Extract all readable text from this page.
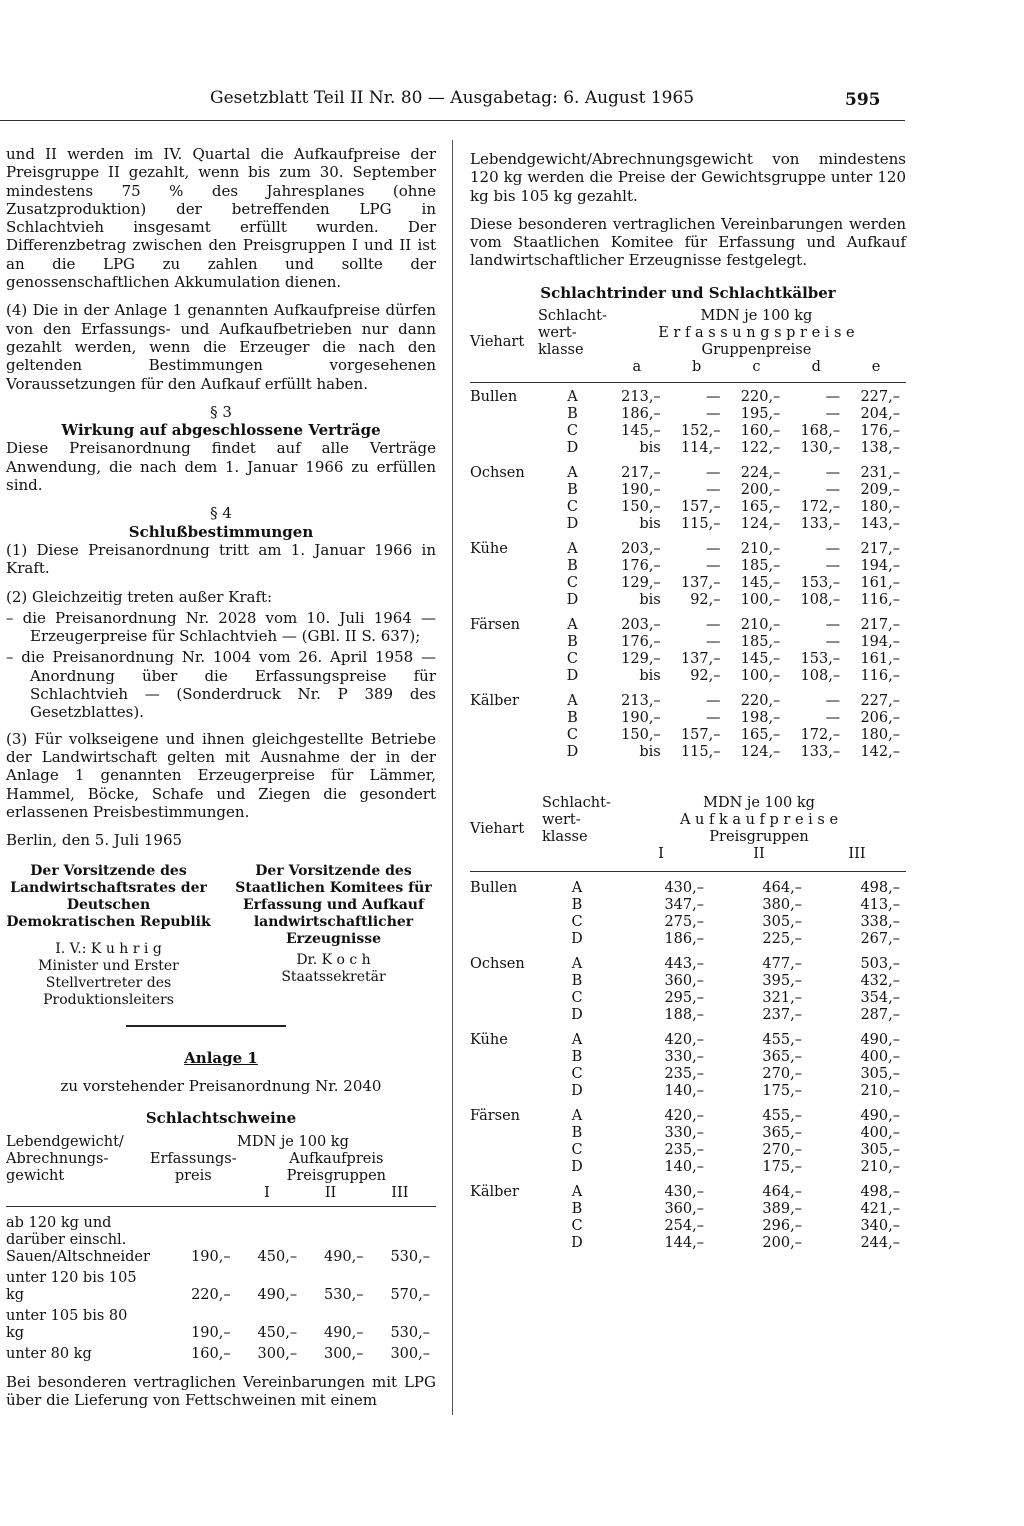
Gesetzblatt Teil II Nr. 80 — Ausgabetag: 6. August 1965	595

und II werden im IV. Quartal die Aufkaufpreise der Preisgruppe II gezahlt, wenn bis zum 30. September mindestens 75 % des Jahresplanes (ohne Zusatzproduktion) der betreffenden LPG in Schlachtvieh insgesamt erfüllt wurden. Der Differenzbetrag zwischen den Preisgruppen I und II ist an die LPG zu zahlen und sollte der genossenschaftlichen Akkumulation dienen.

(4) Die in der Anlage 1 genannten Aufkaufpreise dürfen von den Erfassungs- und Aufkaufbetrieben nur dann gezahlt werden, wenn die Erzeuger die nach den geltenden Bestimmungen vorgesehenen Voraussetzungen für den Aufkauf erfüllt haben.

§ 3
Wirkung auf abgeschlossene Verträge

Diese Preisanordnung findet auf alle Verträge Anwendung, die nach dem 1. Januar 1966 zu erfüllen sind.

§ 4
Schlußbestimmungen

(1) Diese Preisanordnung tritt am 1. Januar 1966 in Kraft.

(2) Gleichzeitig treten außer Kraft:

– die Preisanordnung Nr. 2028 vom 10. Juli 1964 — Erzeugerpreise für Schlachtvieh — (GBl. II S. 637);

– die Preisanordnung Nr. 1004 vom 26. April 1958 — Anordnung über die Erfassungspreise für Schlachtvieh — (Sonderdruck Nr. P 389 des Gesetzblattes).

(3) Für volkseigene und ihnen gleichgestellte Betriebe der Landwirtschaft gelten mit Ausnahme der in der Anlage 1 genannten Erzeugerpreise für Lämmer, Hammel, Böcke, Schafe und Ziegen die gesondert erlassenen Preisbestimmungen.

Berlin, den 5. Juli 1965

Der Vorsitzende des Landwirtschaftsrates der Deutschen Demokratischen Republik
I. V.: K u h r i g
Minister und Erster Stellvertreter des Produktionsleiters
Der Vorsitzende des Staatlichen Komitees für Erfassung und Aufkauf landwirtschaftlicher Erzeugnisse
Dr. K o c h
Staatssekretär
Anlage 1
zu vorstehender Preisanordnung Nr. 2040
Schlachtschweine
Lebendgewicht/ Abrechnungs- gewicht	MDN je 100 kg			
	Erfassungs- preis	Aufkaufpreis
Preisgruppen
I II III		

ab 120 kg und darüber einschl. Sauen/Altschneider	190,–	450,–	490,–	530,–
unter 120 bis 105 kg	220,–	490,–	530,–	570,–
unter 105 bis 80 kg	190,–	450,–	490,–	530,–
unter 80 kg	160,–	300,–	300,–	300,–

Bei besonderen vertraglichen Vereinbarungen mit LPG über die Lieferung von Fettschweinen mit einem

Lebendgewicht/Abrechnungsgewicht von mindestens 120 kg werden die Preise der Gewichtsgruppe unter 120 kg bis 105 kg gezahlt.

Diese besonderen vertraglichen Vereinbarungen werden vom Staatlichen Komitee für Erfassung und Aufkauf landwirtschaftlicher Erzeugnisse festgelegt.

Schlachtrinder und Schlachtkälber
Viehart	Schlacht- wert- klasse	MDN je 100 kg
E r f a s s u n g s p r e i s e
Gruppenpreise				

		a	b	c	d	e

Bullen	A	213,–	—	220,–	—	227,–
	B	186,–	—	195,–	—	204,–
	C	145,–	152,–	160,–	168,–	176,–
	D	bis	114,–	122,–	130,–	138,–
Ochsen	A	217,–	—	224,–	—	231,–
	B	190,–	—	200,–	—	209,–
	C	150,–	157,–	165,–	172,–	180,–
	D	bis	115,–	124,–	133,–	143,–
Kühe	A	203,–	—	210,–	—	217,–
	B	176,–	—	185,–	—	194,–
	C	129,–	137,–	145,–	153,–	161,–
	D	bis	92,–	100,–	108,–	116,–
Färsen	A	203,–	—	210,–	—	217,–
	B	176,–	—	185,–	—	194,–
	C	129,–	137,–	145,–	153,–	161,–
	D	bis	92,–	100,–	108,–	116,–
Kälber	A	213,–	—	220,–	—	227,–
	B	190,–	—	198,–	—	206,–
	C	150,–	157,–	165,–	172,–	180,–
	D	bis	115,–	124,–	133,–	142,–
Viehart	Schlacht- wert- klasse	MDN je 100 kg
A u f k a u f p r e i s e
Preisgruppen		

		I	II	III

Bullen	A	430,–	464,–	498,–
	B	347,–	380,–	413,–
	C	275,–	305,–	338,–
	D	186,–	225,–	267,–
Ochsen	A	443,–	477,–	503,–
	B	360,–	395,–	432,–
	C	295,–	321,–	354,–
	D	188,–	237,–	287,–
Kühe	A	420,–	455,–	490,–
	B	330,–	365,–	400,–
	C	235,–	270,–	305,–
	D	140,–	175,–	210,–
Färsen	A	420,–	455,–	490,–
	B	330,–	365,–	400,–
	C	235,–	270,–	305,–
	D	140,–	175,–	210,–
Kälber	A	430,–	464,–	498,–
	B	360,–	389,–	421,–
	C	254,–	296,–	340,–
	D	144,–	200,–	244,–
